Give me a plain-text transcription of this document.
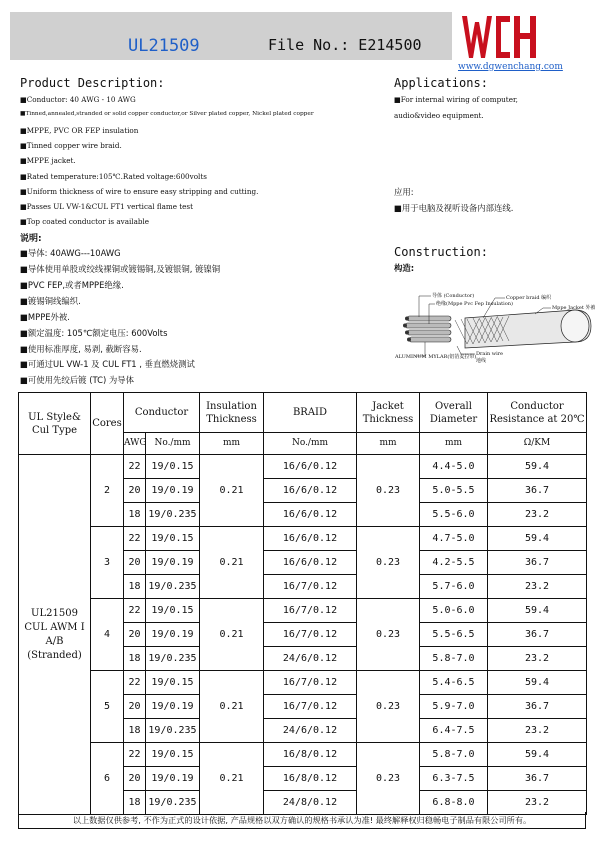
UL21509	File No.: E214500
www.dgwenchang.com
Product Description:
■Conductor: 40 AWG - 10 AWG
■Tinned,annealed,stranded or solid copper conductor,or Silver plated copper, Nickel plated copper
■MPPE, PVC OR FEP insulation
■Tinned copper wire braid.
■MPPE jacket.
■Rated temperature:105℃.Rated voltage:600volts
■Uniform thickness of wire to ensure easy stripping and cutting.
■Passes UL VW-1&CUL FT1 vertical flame test
■Top coated conductor is available
说明:
■导体: 40AWG---10AWG
■导体使用单股或绞线裸铜或镀锡铜,及镀银铜, 镀镍铜
■PVC FEP,或者MPPE绝缘.
■镀锡铜线编织.
■MPPE外被.
■额定温度: 105℃额定电压: 600Volts
■使用标准厚度, 易剥, 截断容易.
■可通过UL VW-1 及 CUL FT1 , 垂直燃烧测试
■可使用先绞后镀 (TC) 为导体
Applications:
■For internal wiring of computer,
audio&video equipment.
应用:
■用于电脑及视听设备内部连线.
Construction:
构造:
导体 (Conductor)
绝缘(Mppe Pvc Fep Insulation)
Copper braid 编织
Mppe Jacket 外被
ALUMINUM MYLAR(铝箔麦拉带) Drain wire
地线
UL Style& Cul Type	Cores	Conductor		Insulation Thickness	BRAID	Jacket Thickness	Overall Diameter	Conductor Resistance at 20℃
		AWG	No./mm	mm	No./mm	mm	mm	Ω/KM
UL21509 CUL AWM I A/B (Stranded)	2	22	19/0.15	0.21	16/6/0.12	0.23	4.4-5.0	59.4
		20	19/0.19		16/6/0.12		5.0-5.5	36.7
		18	19/0.235		16/6/0.12		5.5-6.0	23.2
	3	22	19/0.15	0.21	16/6/0.12	0.23	4.7-5.0	59.4
		20	19/0.19		16/6/0.12		4.2-5.5	36.7
		18	19/0.235		16/7/0.12		5.7-6.0	23.2
	4	22	19/0.15	0.21	16/7/0.12	0.23	5.0-6.0	59.4
		20	19/0.19		16/7/0.12		5.5-6.5	36.7
		18	19/0.235		24/6/0.12		5.8-7.0	23.2
	5	22	19/0.15	0.21	16/7/0.12	0.23	5.4-6.5	59.4
		20	19/0.19		16/7/0.12		5.9-7.0	36.7
		18	19/0.235		24/6/0.12		6.4-7.5	23.2
	6	22	19/0.15	0.21	16/8/0.12	0.23	5.8-7.0	59.4
		20	19/0.19		16/8/0.12		6.3-7.5	36.7
		18	19/0.235		24/8/0.12		6.8-8.0	23.2
以上数据仅供参考, 不作为正式的设计依据, 产品规格以双方确认的规格书承认为准! 最终解释权归稳畅电子制品有限公司所有。
